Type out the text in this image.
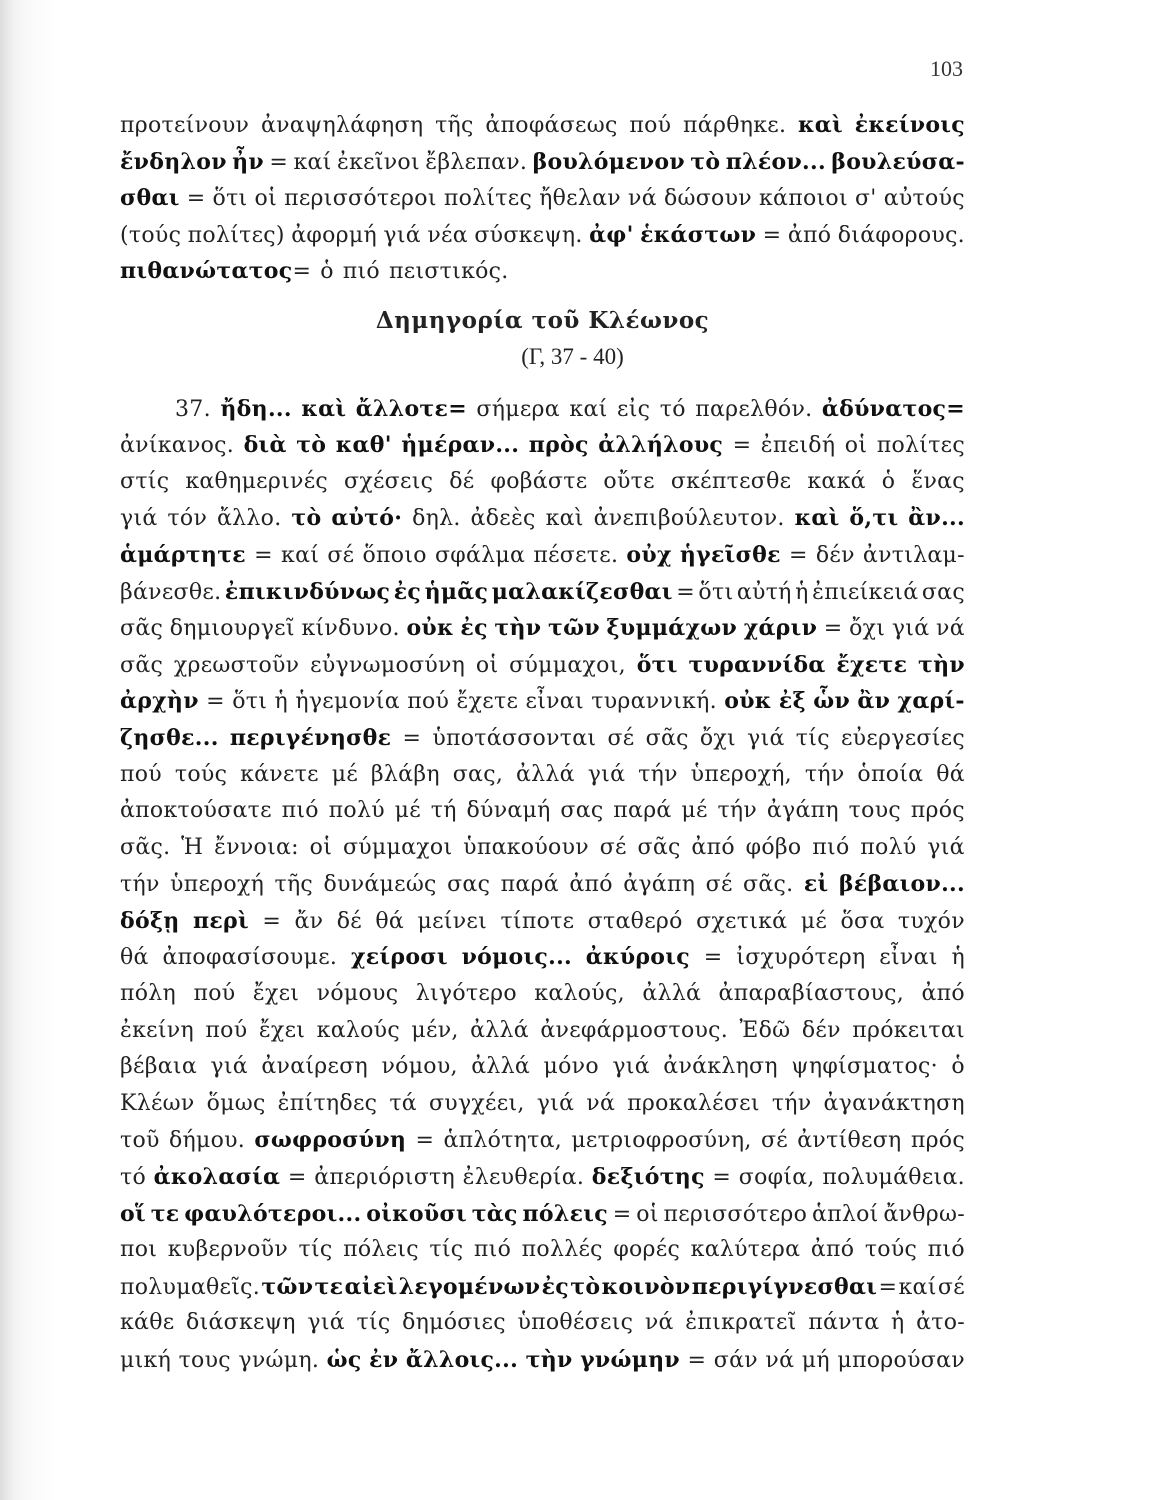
103
προτείνουν ἀναψηλάφηση τῆς ἀποφάσεως πού πάρθηκε. καὶ ἐκείνοις
ἔνδηλον ἦν = καί ἐκεῖνοι ἔβλεπαν. βουλόμενον τὸ πλέον... βουλεύσα-
σθαι = ὅτι οἱ περισσότεροι πολίτες ἤθελαν νά δώσουν κάποιοι σ' αὐτούς
(τούς πολίτες) ἀφορμή γιά νέα σύσκεψη. ἀφ' ἑκάστων = ἀπό διάφορους.
πιθανώτατος = ὁ πιό πειστικός.
Δημηγορία τοῦ Κλέωνος
(Γ, 37 - 40)
37. ἤδη... καὶ ἄλλοτε= σήμερα καί εἰς τό παρελθόν. ἀδύνατος=
ἀνίκανος. διὰ τὸ καθ' ἡμέραν... πρὸς ἀλλήλους = ἐπειδή οἱ πολίτες
στίς καθημερινές σχέσεις δέ φοβάστε οὔτε σκέπτεσθε κακά ὁ ἕνας
γιά τόν ἄλλο. τὸ αὐτό· δηλ. ἀδεὲς καὶ ἀνεπιβούλευτον. καὶ ὅ,τι ἂν...
ἁμάρτητε = καί σέ ὅποιο σφάλμα πέσετε. οὐχ ἡγεῖσθε = δέν ἀντιλαμ-
βάνεσθε. ἐπικινδύνως ἐς ἡμᾶς μαλακίζεσθαι = ὅτι αὐτή ἡ ἐπιείκειά σας
σᾶς δημιουργεῖ κίνδυνο. οὐκ ἐς τὴν τῶν ξυμμάχων χάριν = ὄχι γιά νά
σᾶς χρεωστοῦν εὐγνωμοσύνη οἱ σύμμαχοι, ὅτι τυραννίδα ἔχετε τὴν
ἀρχὴν = ὅτι ἡ ἡγεμονία πού ἔχετε εἶναι τυραννική. οὐκ ἐξ ὧν ἂν χαρί-
ζησθε... περιγένησθε = ὑποτάσσονται σέ σᾶς ὄχι γιά τίς εὐεργεσίες
πού τούς κάνετε μέ βλάβη σας, ἀλλά γιά τήν ὑπεροχή, τήν ὁποία θά
ἀποκτούσατε πιό πολύ μέ τή δύναμή σας παρά μέ τήν ἀγάπη τους πρός
σᾶς. Ἡ ἔννοια: οἱ σύμμαχοι ὑπακούουν σέ σᾶς ἀπό φόβο πιό πολύ γιά
τήν ὑπεροχή τῆς δυνάμεώς σας παρά ἀπό ἀγάπη σέ σᾶς. εἰ βέβαιον...
δόξῃ περὶ = ἄν δέ θά μείνει τίποτε σταθερό σχετικά μέ ὅσα τυχόν
θά ἀποφασίσουμε. χείροσι νόμοις... ἀκύροις = ἰσχυρότερη εἶναι ἡ
πόλη πού ἔχει νόμους λιγότερο καλούς, ἀλλά ἀπαραβίαστους, ἀπό
ἐκείνη πού ἔχει καλούς μέν, ἀλλά ἀνεφάρμοστους. Ἐδῶ δέν πρόκειται
βέβαια γιά ἀναίρεση νόμου, ἀλλά μόνο γιά ἀνάκληση ψηφίσματος· ὁ
Κλέων ὅμως ἐπίτηδες τά συγχέει, γιά νά προκαλέσει τήν ἀγανάκτηση
τοῦ δήμου. σωφροσύνη = ἁπλότητα, μετριοφροσύνη, σέ ἀντίθεση πρός
τό ἀκολασία = ἀπεριόριστη ἐλευθερία. δεξιότης = σοφία, πολυμάθεια.
οἵ τε φαυλότεροι... οἰκοῦσι τὰς πόλεις = οἱ περισσότερο ἁπλοί ἄνθρω-
ποι κυβερνοῦν τίς πόλεις τίς πιό πολλές φορές καλύτερα ἀπό τούς πιό
πολυμαθεῖς. τῶν τε αἰεὶ λεγομένων ἐς τὸ κοινὸν περιγίγνεσθαι = καί σέ
κάθε διάσκεψη γιά τίς δημόσιες ὑποθέσεις νά ἐπικρατεῖ πάντα ἡ ἀτο-
μική τους γνώμη. ὡς ἐν ἄλλοις... τὴν γνώμην = σάν νά μή μπορούσαν
